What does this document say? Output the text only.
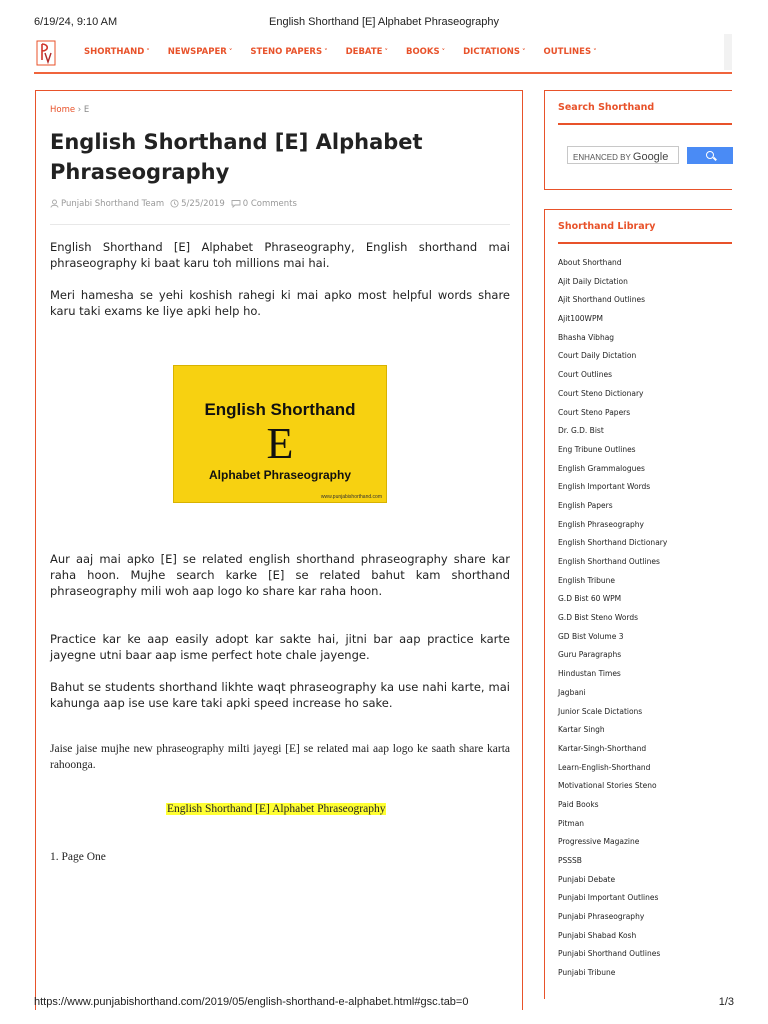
6/19/24, 9:10 AM	English Shorthand [E] Alphabet Phraseography
SHORTHAND ˅ NEWSPAPER ˅ STENO PAPERS ˅ DEBATE ˅ BOOKS ˅ DICTATIONS ˅ OUTLINES ˅
Home › E
English Shorthand [E] Alphabet Phraseography
Punjabi Shorthand Team 5/25/2019 0 Comments

English Shorthand [E] Alphabet Phraseography, English shorthand mai phraseography ki baat karu toh millions mai hai.

Meri hamesha se yehi koshish rahegi ki mai apko most helpful words share karu taki exams ke liye apki help ho.

English Shorthand
E
Alphabet Phraseography
www.punjabishorthand.com

Aur aaj mai apko [E] se related english shorthand phraseography share kar raha hoon. Mujhe search karke [E] se related bahut kam shorthand phraseography mili woh aap logo ko share kar raha hoon.

Practice kar ke aap easily adopt kar sakte hai, jitni bar aap practice karte jayegne utni baar aap isme perfect hote chale jayenge.

Bahut se students shorthand likhte waqt phraseography ka use nahi karte, mai kahunga aap ise use kare taki apki speed increase ho sake.

Jaise jaise mujhe new phraseography milti jayegi [E] se related mai aap logo ke saath share karta rahoonga.

English Shorthand [E] Alphabet Phraseography
1. Page One
Search Shorthand
ENHANCED BY Google
Shorthand Library
About Shorthand
Ajit Daily Dictation
Ajit Shorthand Outlines
Ajit100WPM
Bhasha Vibhag
Court Daily Dictation
Court Outlines
Court Steno Dictionary
Court Steno Papers
Dr. G.D. Bist
Eng Tribune Outlines
English Grammalogues
English Important Words
English Papers
English Phraseography
English Shorthand Dictionary
English Shorthand Outlines
English Tribune
G.D Bist 60 WPM
G.D Bist Steno Words
GD Bist Volume 3
Guru Paragraphs
Hindustan Times
Jagbani
Junior Scale Dictations
Kartar Singh
Kartar-Singh-Shorthand
Learn-English-Shorthand
Motivational Stories Steno
Paid Books
Pitman
Progressive Magazine
PSSSB
Punjabi Debate
Punjabi Important Outlines
Punjabi Phraseography
Punjabi Shabad Kosh
Punjabi Shorthand Outlines
Punjabi Tribune
https://www.punjabishorthand.com/2019/05/english-shorthand-e-alphabet.html#gsc.tab=0	1/3
